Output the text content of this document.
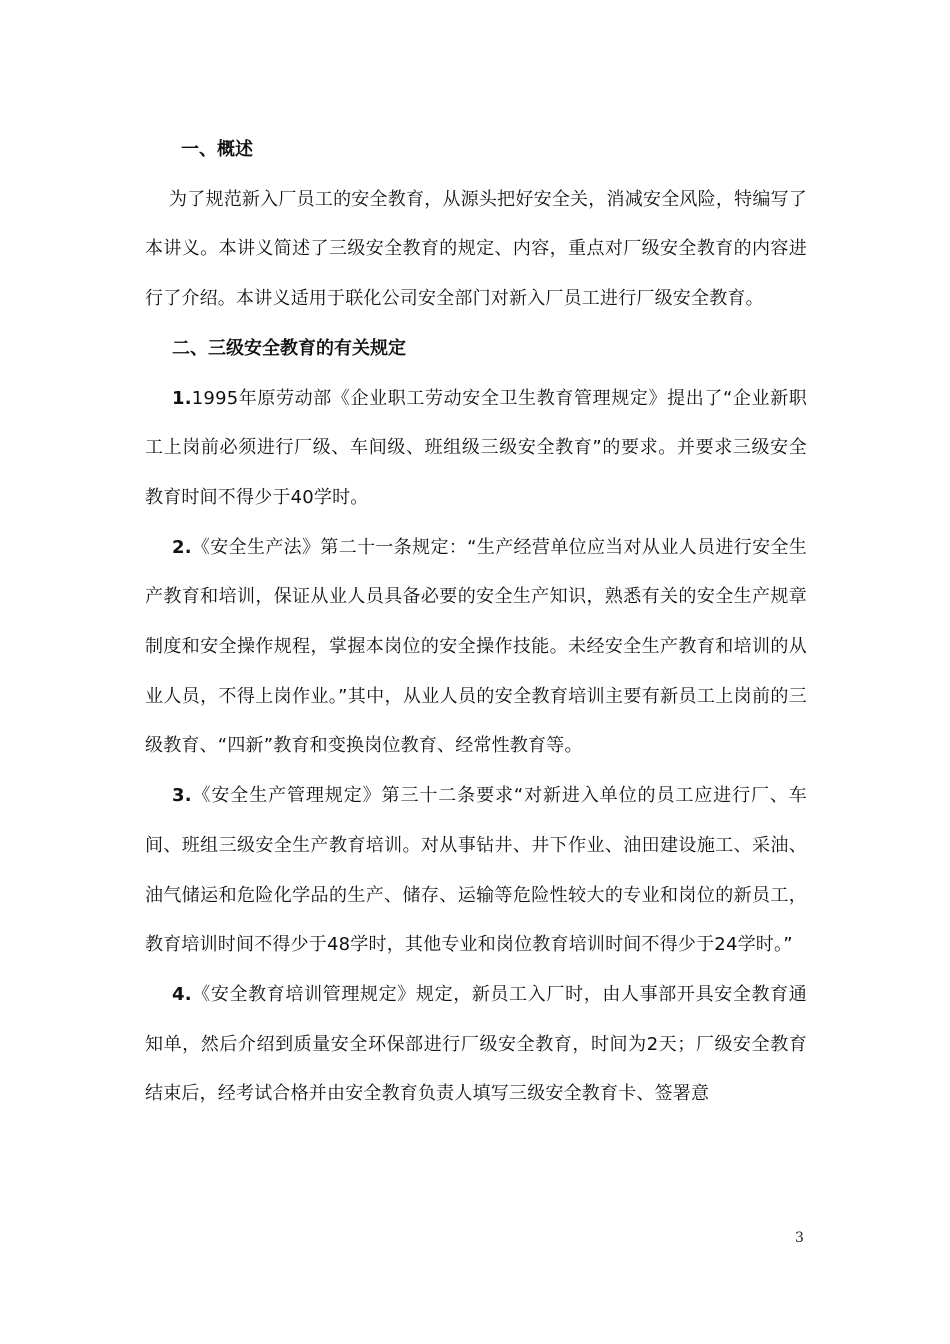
一、概述

为了规范新入厂员工的安全教育，从源头把好安全关，消减安全风险，特编写了本讲义。本讲义简述了三级安全教育的规定、内容，重点对厂级安全教育的内容进行了介绍。本讲义适用于联化公司安全部门对新入厂员工进行厂级安全教育。

二、三级安全教育的有关规定

1.1995年原劳动部《企业职工劳动安全卫生教育管理规定》提出了“企业新职工上岗前必须进行厂级、车间级、班组级三级安全教育”的要求。并要求三级安全教育时间不得少于40学时。

2.《安全生产法》第二十一条规定：“生产经营单位应当对从业人员进行安全生产教育和培训，保证从业人员具备必要的安全生产知识，熟悉有关的安全生产规章制度和安全操作规程，掌握本岗位的安全操作技能。未经安全生产教育和培训的从业人员，不得上岗作业。”其中，从业人员的安全教育培训主要有新员工上岗前的三级教育、“四新”教育和变换岗位教育、经常性教育等。

3.《安全生产管理规定》第三十二条要求“对新进入单位的员工应进行厂、车间、班组三级安全生产教育培训。对从事钻井、井下作业、油田建设施工、采油、油气储运和危险化学品的生产、储存、运输等危险性较大的专业和岗位的新员工，教育培训时间不得少于48学时，其他专业和岗位教育培训时间不得少于24学时。”

4.《安全教育培训管理规定》规定，新员工入厂时，由人事部开具安全教育通知单，然后介绍到质量安全环保部进行厂级安全教育，时间为2天；厂级安全教育结束后，经考试合格并由安全教育负责人填写三级安全教育卡、签署意

3
